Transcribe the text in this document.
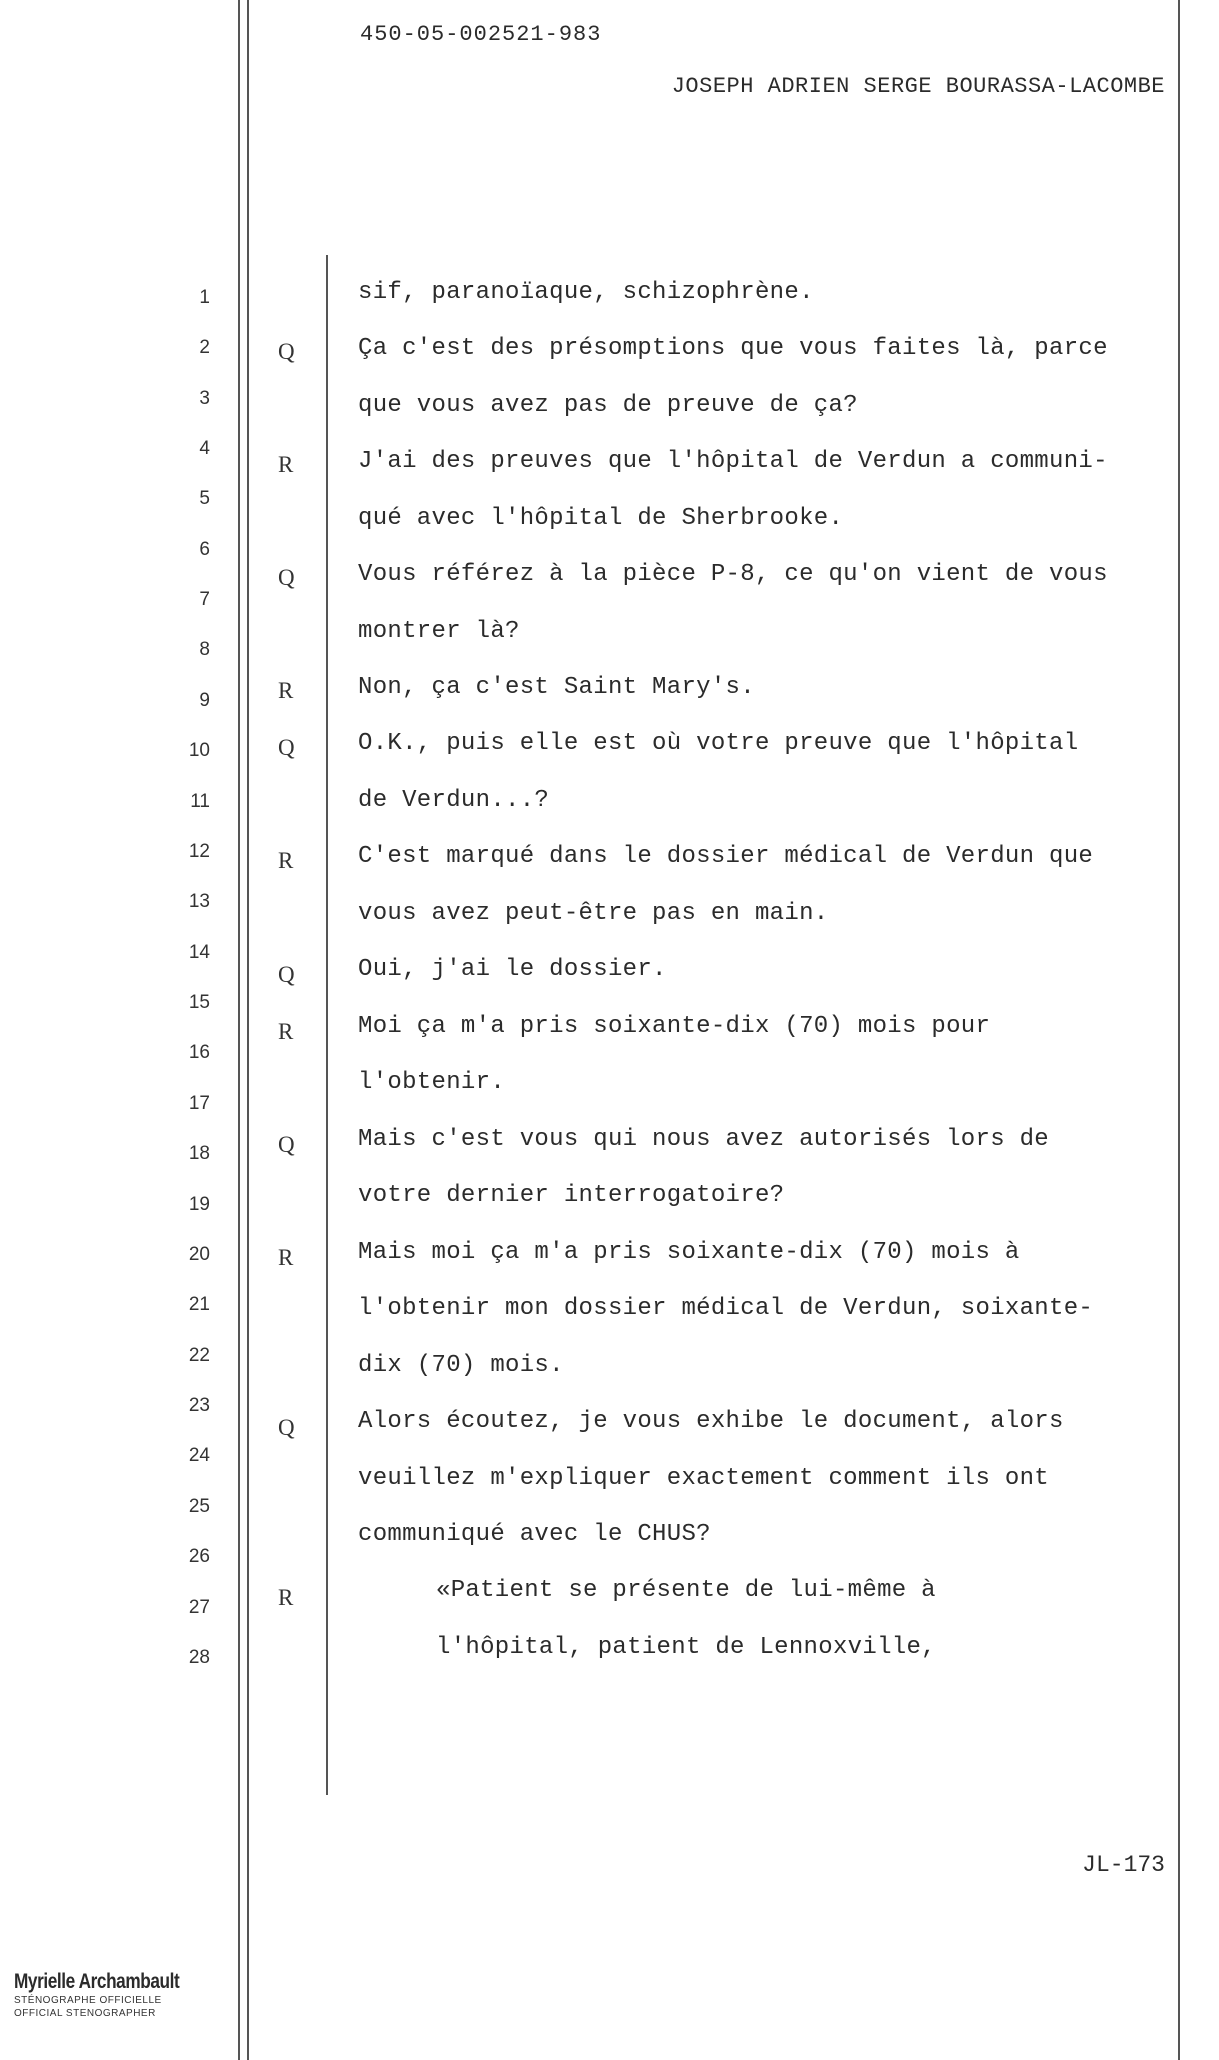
450-05-002521-983
JOSEPH ADRIEN SERGE BOURASSA-LACOMBE
1
2
3
4
5
6
7
8
9
10
11
12
13
14
15
16
17
18
19
20
21
22
23
24
25
26
27
28
Q
R
Q
R
Q
R
Q
R
Q
R
Q
R
sif, paranoïaque, schizophrène.
Ça c'est des présomptions que vous faites là, parce
que vous avez pas de preuve de ça?
J'ai des preuves que l'hôpital de Verdun a communi-
qué avec l'hôpital de Sherbrooke.
Vous référez à la pièce P-8, ce qu'on vient de vous
montrer là?
Non, ça c'est Saint Mary's.
O.K., puis elle est où votre preuve que l'hôpital
de Verdun...?
C'est marqué dans le dossier médical de Verdun que
vous avez peut-être pas en main.
Oui, j'ai le dossier.
Moi ça m'a pris soixante-dix (70) mois pour
l'obtenir.
Mais c'est vous qui nous avez autorisés lors de
votre dernier interrogatoire?
Mais moi ça m'a pris soixante-dix (70) mois à
l'obtenir mon dossier médical de Verdun, soixante-
dix (70) mois.
Alors écoutez, je vous exhibe le document, alors
veuillez m'expliquer exactement comment ils ont
communiqué avec le CHUS?
«Patient se présente de lui-même à
l'hôpital, patient de Lennoxville,
JL-173
Myrielle Archambault
STÉNOGRAPHE OFFICIELLE
OFFICIAL STENOGRAPHER
